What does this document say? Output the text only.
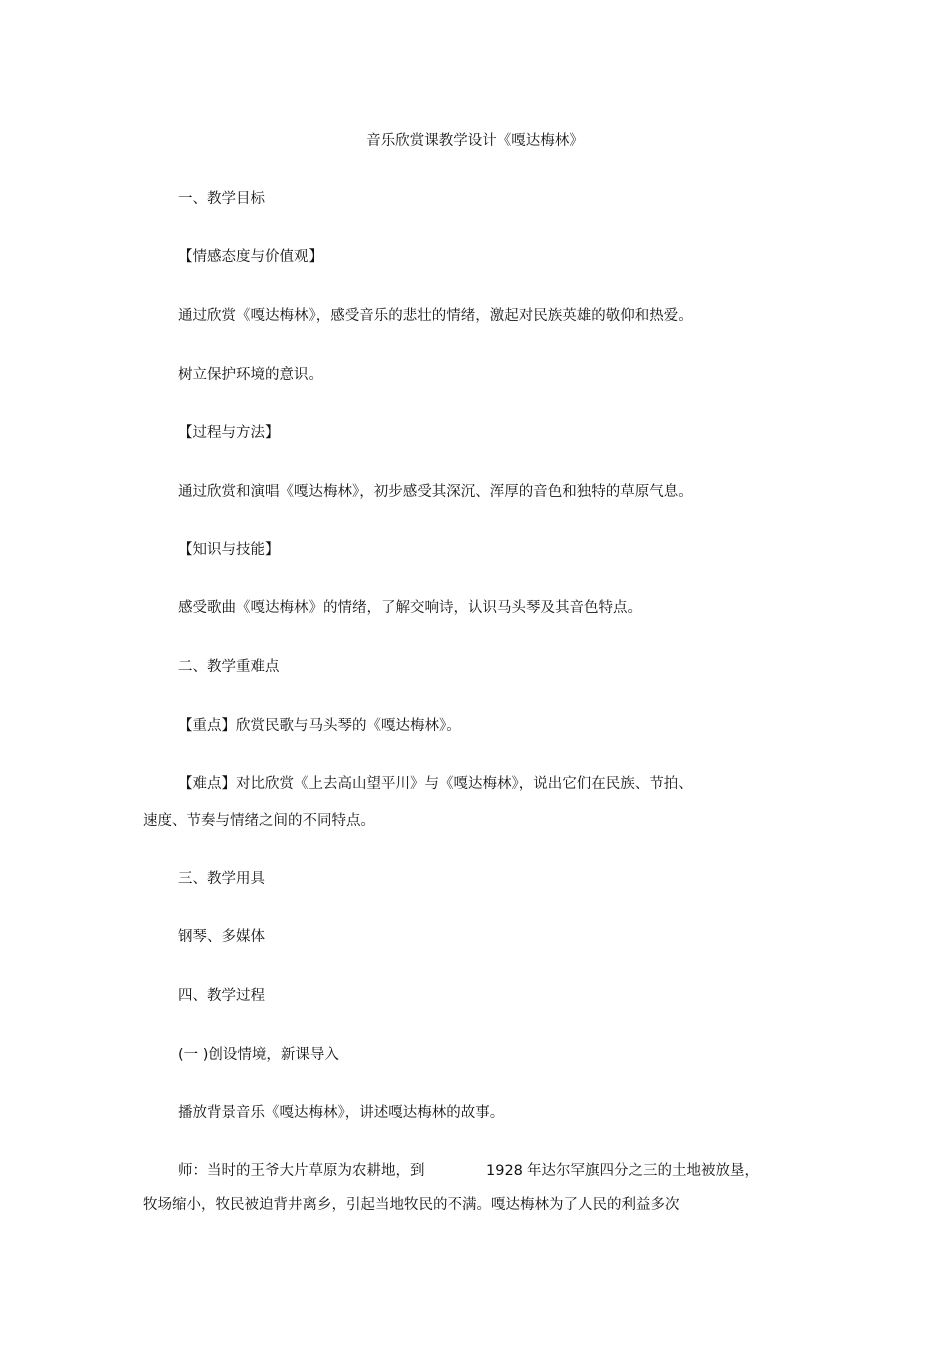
音乐欣赏课教学设计《嘎达梅林》
一、教学目标
【情感态度与价值观】
通过欣赏《嘎达梅林》，感受音乐的悲壮的情绪，激起对民族英雄的敬仰和热爱。
树立保护环境的意识。
【过程与方法】
通过欣赏和演唱《嘎达梅林》，初步感受其深沉、浑厚的音色和独特的草原气息。
【知识与技能】
感受歌曲《嘎达梅林》的情绪，了解交响诗，认识马头琴及其音色特点。
二、教学重难点
【重点】欣赏民歌与马头琴的《嘎达梅林》。
【难点】对比欣赏《上去高山望平川》与《嘎达梅林》，说出它们在民族、节拍、
速度、节奏与情绪之间的不同特点。
三、教学用具
钢琴、多媒体
四、教学过程
(一 )创设情境，新课导入
播放背景音乐《嘎达梅林》，讲述嘎达梅林的故事。
师：当时的王爷大片草原为农耕地，到	1928 年达尔罕旗四分之三的土地被放垦，
牧场缩小，牧民被迫背井离乡，引起当地牧民的不满。嘎达梅林为了人民的利益多次
